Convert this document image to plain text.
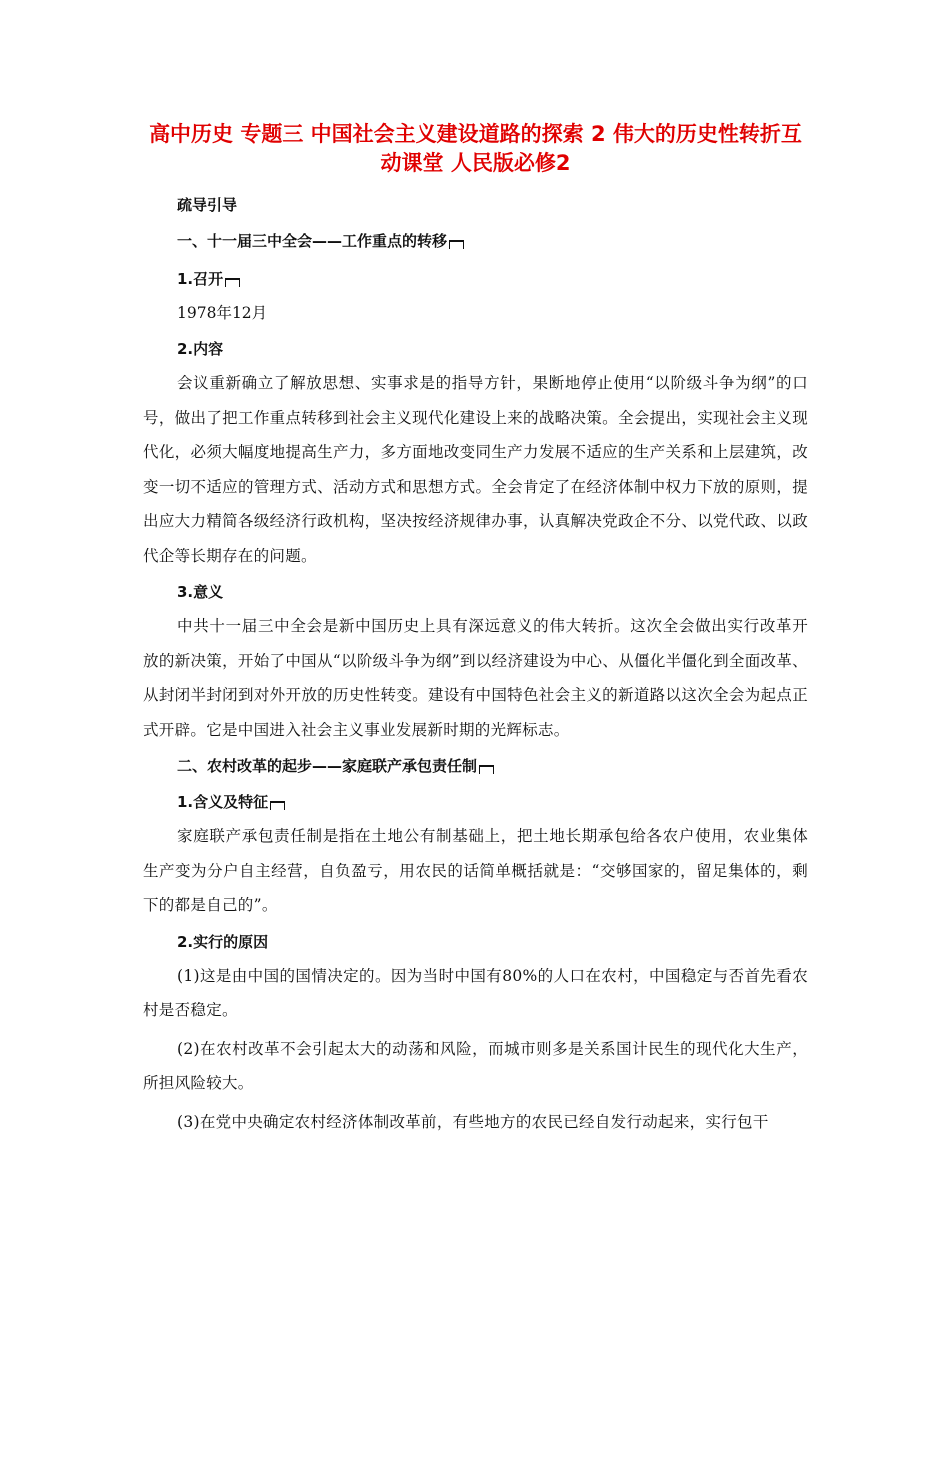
高中历史 专题三 中国社会主义建设道路的探索 2 伟大的历史性转折互动课堂 人民版必修2
疏导引导
一、十一届三中全会——工作重点的转移
1.召开
1978年12月
2.内容

会议重新确立了解放思想、实事求是的指导方针，果断地停止使用“以阶级斗争为纲”的口号，做出了把工作重点转移到社会主义现代化建设上来的战略决策。全会提出，实现社会主义现代化，必须大幅度地提高生产力，多方面地改变同生产力发展不适应的生产关系和上层建筑，改变一切不适应的管理方式、活动方式和思想方式。全会肯定了在经济体制中权力下放的原则，提出应大力精简各级经济行政机构，坚决按经济规律办事，认真解决党政企不分、以党代政、以政代企等长期存在的问题。

3.意义

中共十一届三中全会是新中国历史上具有深远意义的伟大转折。这次全会做出实行改革开放的新决策，开始了中国从“以阶级斗争为纲”到以经济建设为中心、从僵化半僵化到全面改革、从封闭半封闭到对外开放的历史性转变。建设有中国特色社会主义的新道路以这次全会为起点正式开辟。它是中国进入社会主义事业发展新时期的光辉标志。

二、农村改革的起步——家庭联产承包责任制
1.含义及特征

家庭联产承包责任制是指在土地公有制基础上，把土地长期承包给各农户使用，农业集体生产变为分户自主经营，自负盈亏，用农民的话简单概括就是：“交够国家的，留足集体的，剩下的都是自己的”。

2.实行的原因

(1)这是由中国的国情决定的。因为当时中国有80%的人口在农村，中国稳定与否首先看农村是否稳定。

(2)在农村改革不会引起太大的动荡和风险，而城市则多是关系国计民生的现代化大生产，所担风险较大。

(3)在党中央确定农村经济体制改革前，有些地方的农民已经自发行动起来，实行包干
